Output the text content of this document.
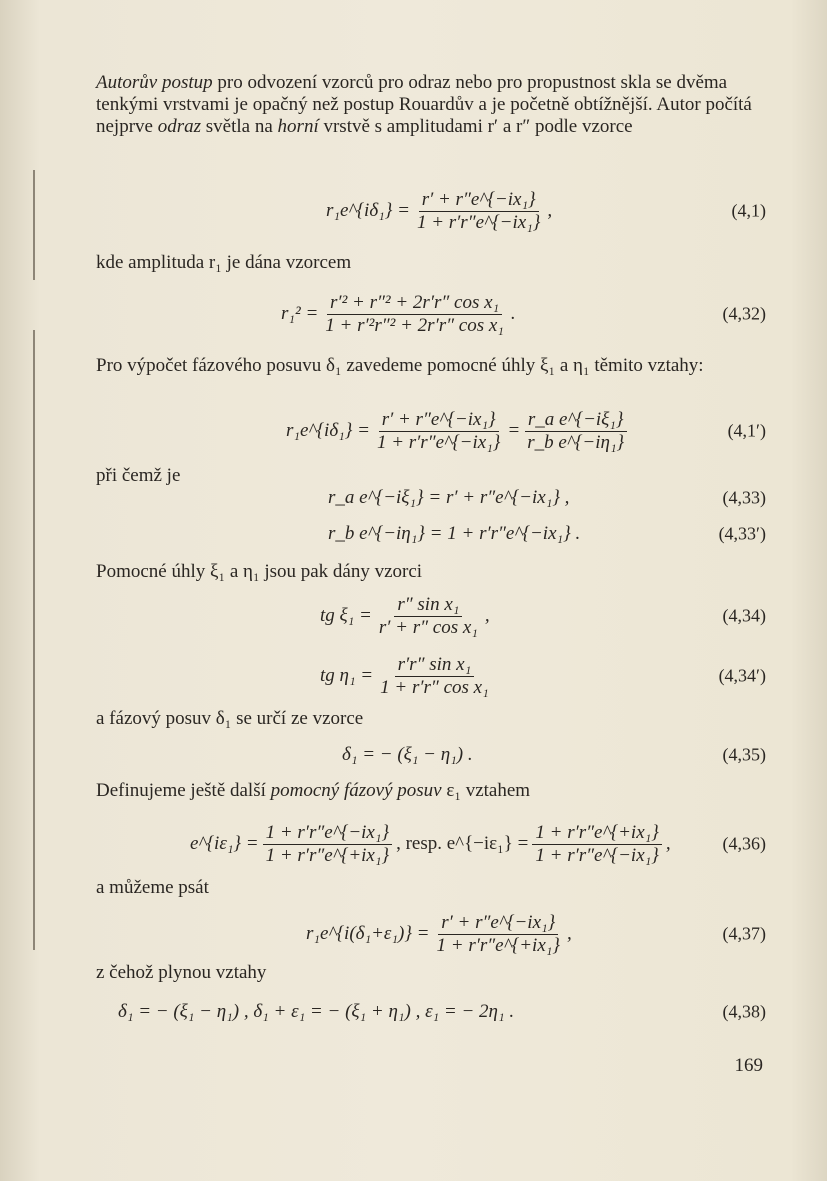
Autorův postup pro odvození vzorců pro odraz nebo pro propustnost skla se dvěma tenkými vrstvami je opačný než postup Rouardův a je početně obtížnější. Autor počítá nejprve odraz světla na horní vrstvě s amplitudami r′ a r″ podle vzorce
r₁e^{iδ₁} = $\frac{\text{r′ + r″e\textasciicircum{}\{−ix₁\}}}{\text{1 + r′r″e\textasciicircum{}\{−ix₁\}}}$ ,	(4,1)
kde amplituda r₁ je dána vzorcem
$r_1^2 = \frac{\text{r′² + r″² + 2r′r″ cos x₁}}{\text{1 + r′²r″² + 2r′r″ cos x₁}}$ .	(4,32)
Pro výpočet fázového posuvu δ₁ zavedeme pomocné úhly ξ₁ a η₁ těmito vztahy:
r₁e^{iδ₁} = $\frac{\text{r′ + r″e\textasciicircum{}\{−ix₁\}}}{\text{1 + r′r″e\textasciicircum{}\{−ix₁\}}} = \frac{\text{r\_a e\textasciicircum{}\{−iξ₁\}}}{\text{r\_b e\textasciicircum{}\{−iη₁\}}}$	(4,1′)
při čemž je
r_a e^{−iξ₁} = r′ + r″e^{−ix₁} ,	(4,33)
r_b e^{−iη₁} = 1 + r′r″e^{−ix₁} .	(4,33′)
Pomocné úhly ξ₁ a η₁ jsou pak dány vzorci
tg $\xi_1 = \frac{\text{r″ sin x₁}}{\text{r′ + r″ cos x₁}}$ ,	(4,34)
tg $\eta_1 = \frac{\text{r′r″ sin x₁}}{\text{1 + r′r″ cos x₁}}$	(4,34′)
a fázový posuv δ₁ se určí ze vzorce
δ₁ = − (ξ₁ − η₁) .	(4,35)
Definujeme ještě další pomocný fázový posuv ε₁ vztahem
e^{iε₁} = $\frac{\text{1 + r′r″e\textasciicircum{}\{−ix₁\}}}{\text{1 + r′r″e\textasciicircum{}\{+ix₁\}}}$ , resp. e^{−iε₁} = $\frac{\text{1 + r′r″e\textasciicircum{}\{+ix₁\}}}{\text{1 + r′r″e\textasciicircum{}\{−ix₁\}}}$ ,	(4,36)
a můžeme psát
r₁e^{i(δ₁+ε₁)} = $\frac{\text{r′ + r″e\textasciicircum{}\{−ix₁\}}}{\text{1 + r′r″e\textasciicircum{}\{+ix₁\}}}$ ,	(4,37)
z čehož plynou vztahy
δ₁ = − (ξ₁ − η₁) , δ₁ + ε₁ = − (ξ₁ + η₁) , ε₁ = − 2η₁ .	(4,38)
169
